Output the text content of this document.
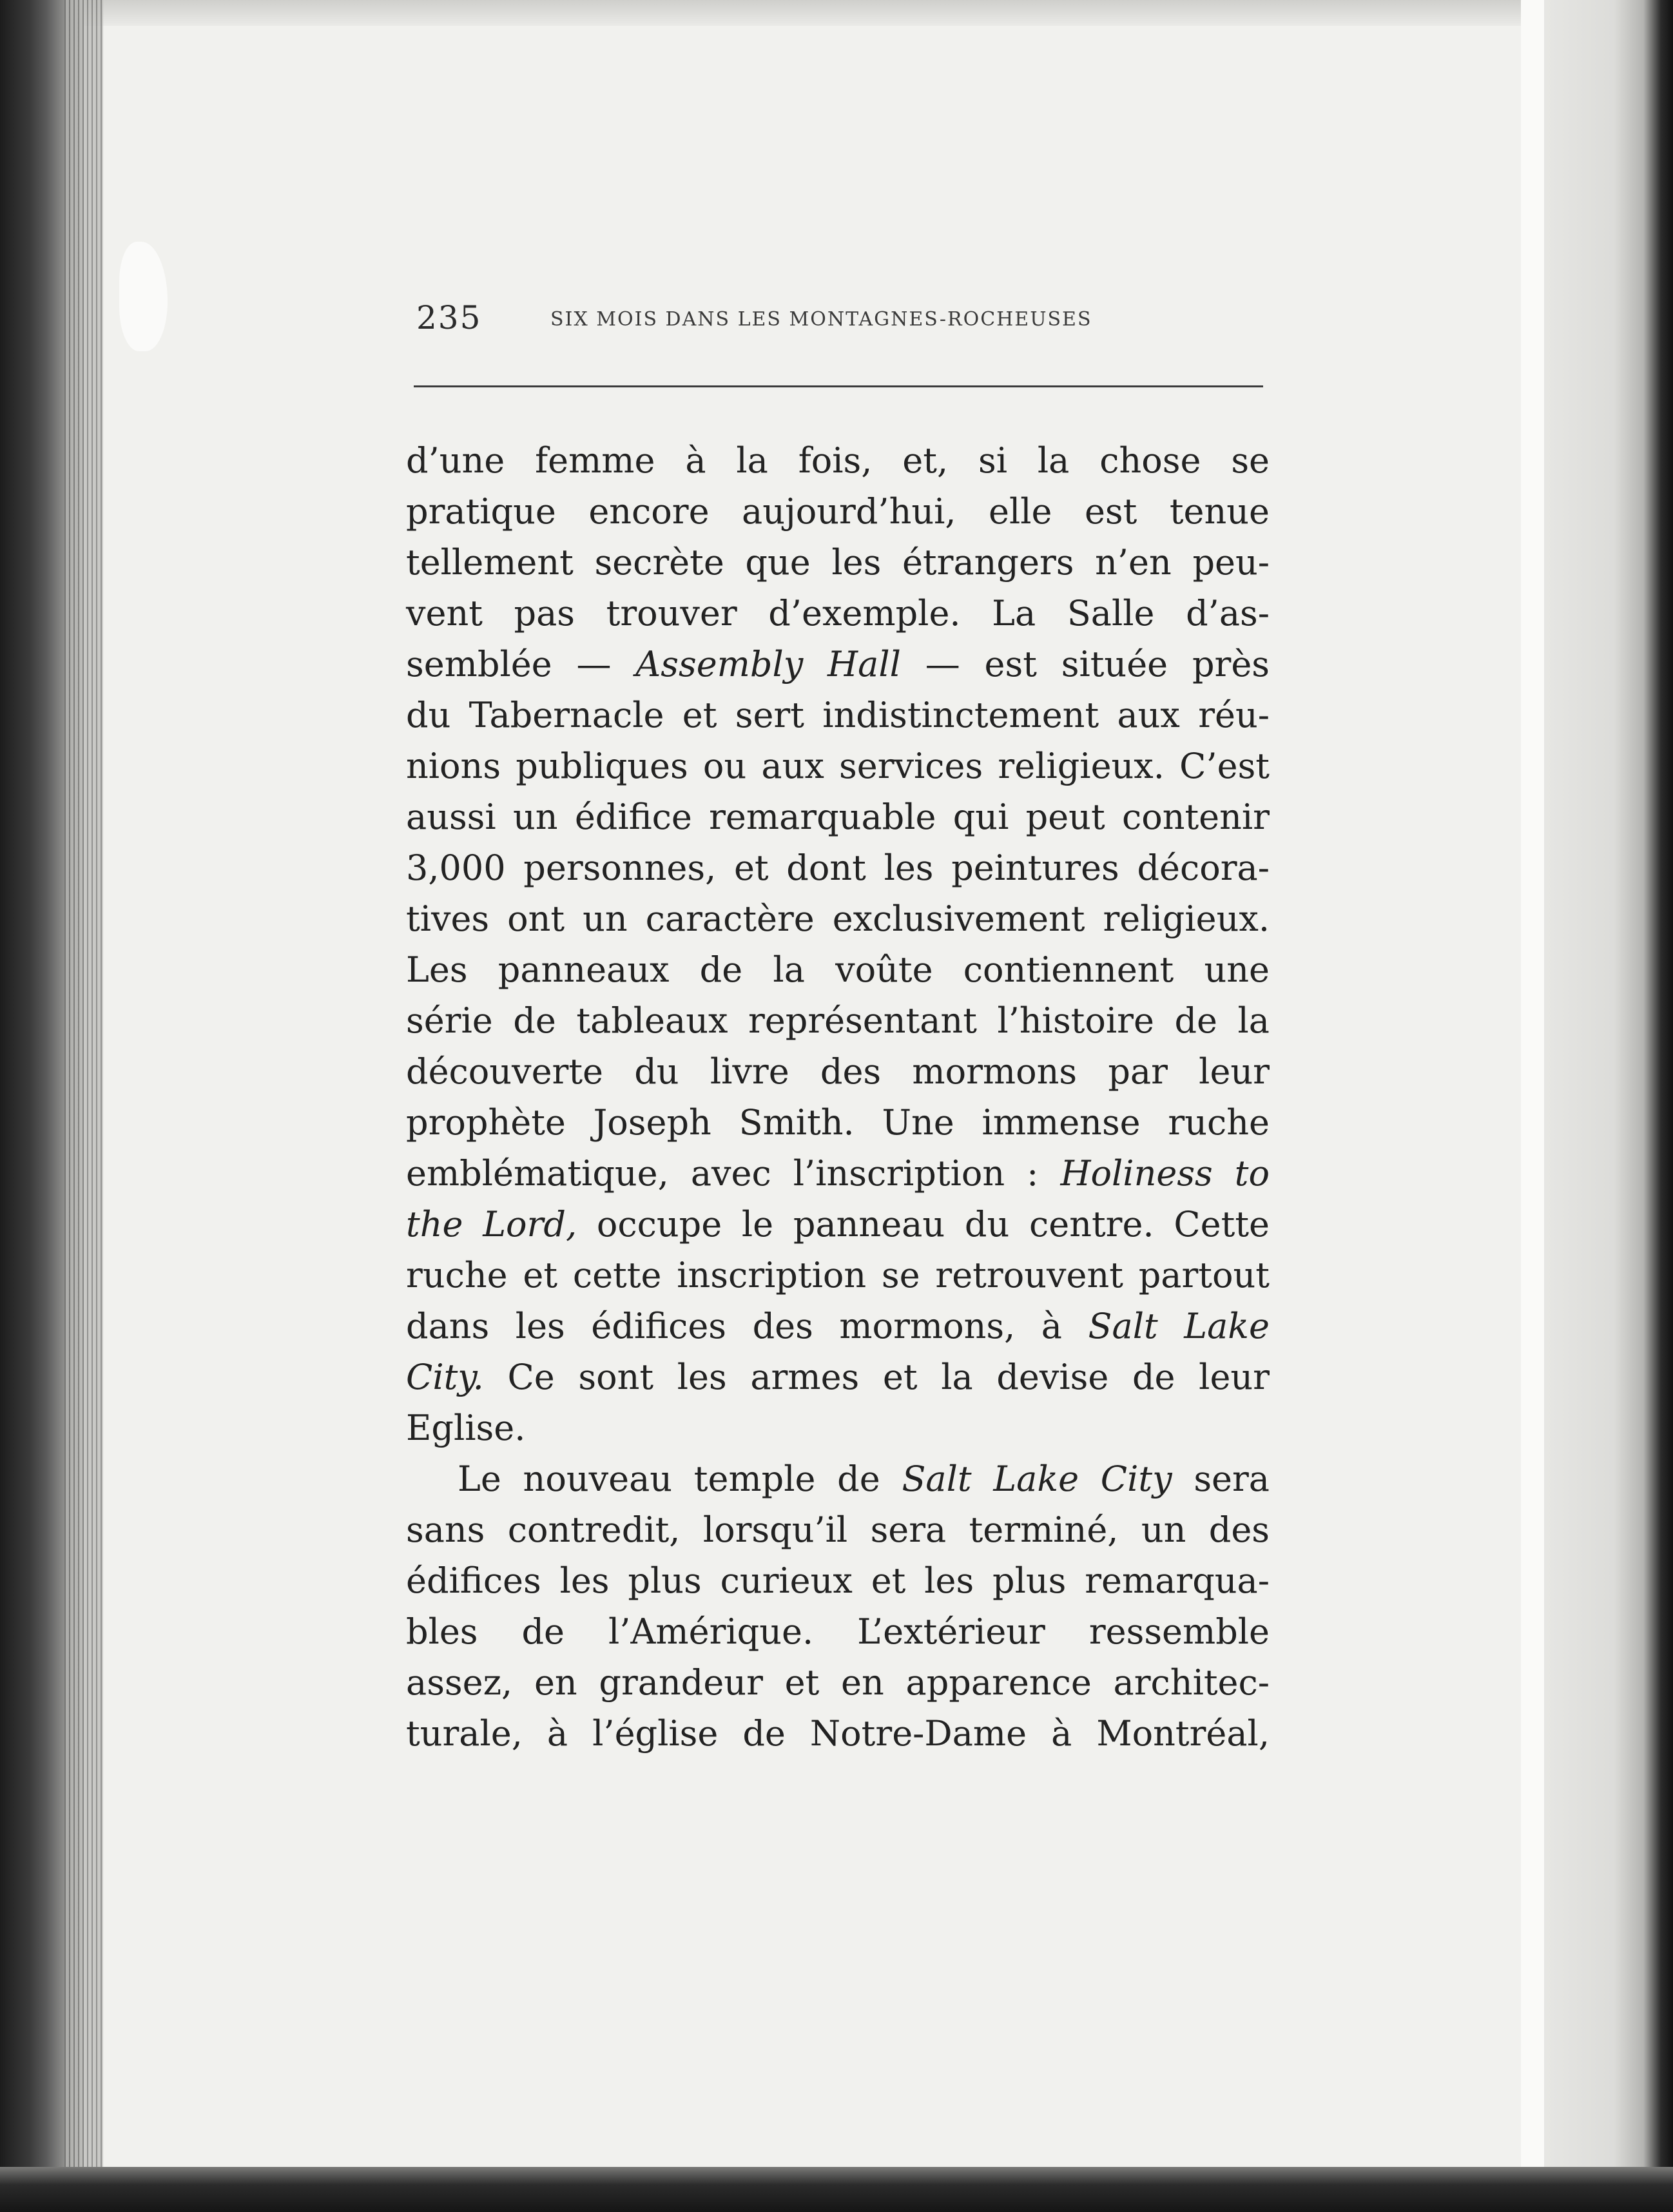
235	SIX MOIS DANS LES MONTAGNES-ROCHEUSES
d’une femme à la fois, et, si la chose se
pratique encore aujourd’hui, elle est tenue
tellement secrète que les étrangers n’en peu-
vent pas trouver d’exemple. La Salle d’as-
semblée — Assembly Hall — est située près
du Tabernacle et sert indistinctement aux réu-
nions publiques ou aux services religieux. C’est
aussi un édifice remarquable qui peut contenir
3,000 personnes, et dont les peintures décora-
tives ont un caractère exclusivement religieux.
Les panneaux de la voûte contiennent une
série de tableaux représentant l’histoire de la
découverte du livre des mormons par leur
prophète Joseph Smith. Une immense ruche
emblématique, avec l’inscription : Holiness to
the Lord, occupe le panneau du centre. Cette
ruche et cette inscription se retrouvent partout
dans les édifices des mormons, à Salt Lake
City. Ce sont les armes et la devise de leur
Eglise.
Le nouveau temple de Salt Lake City sera
sans contredit, lorsqu’il sera terminé, un des
édifices les plus curieux et les plus remarqua-
bles de l’Amérique. L’extérieur ressemble
assez, en grandeur et en apparence architec-
turale, à l’église de Notre-Dame à Montréal,
